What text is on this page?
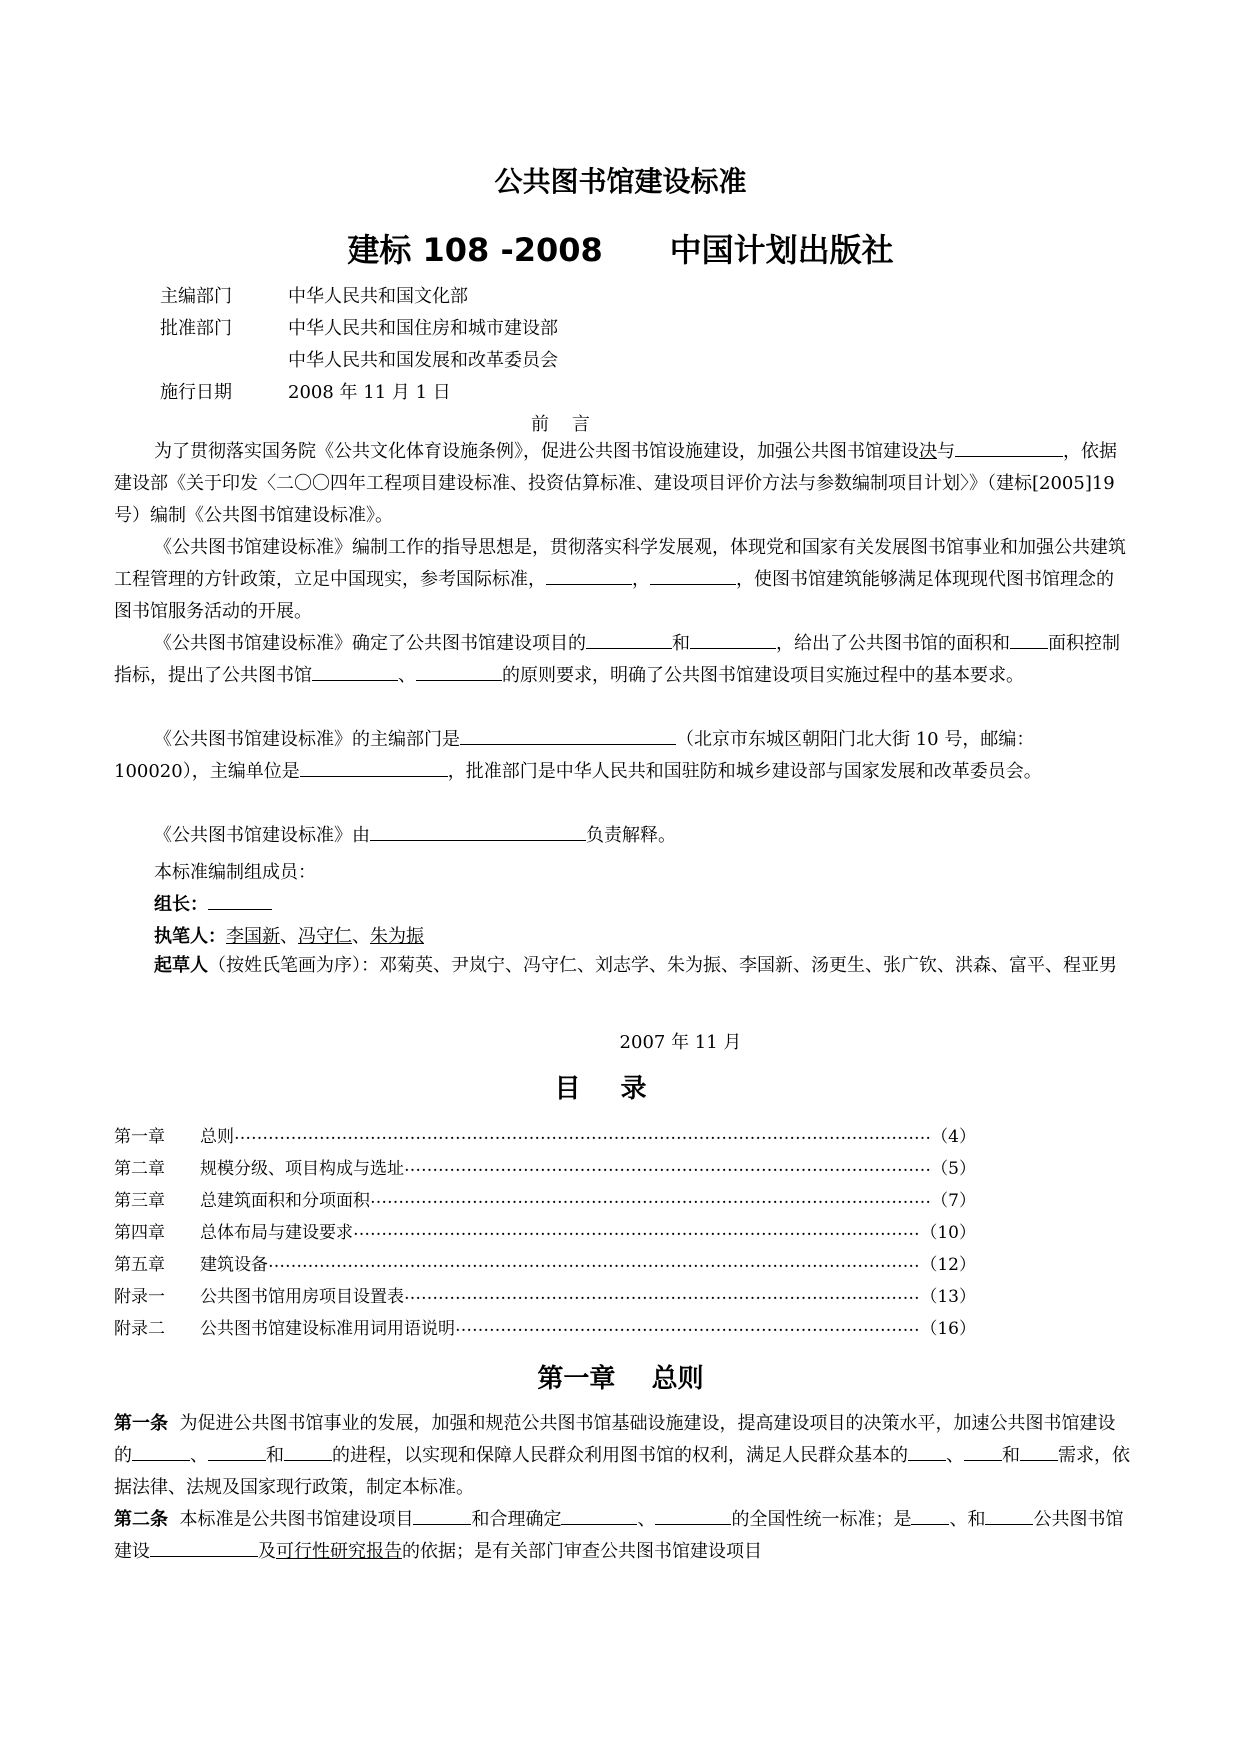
公共图书馆建设标准
建标 108 -2008      中国计划出版社
主编部门	中华人民共和国文化部
批准部门	中华人民共和国住房和城市建设部
中华人民共和国发展和改革委员会
施行日期	2008 年 11 月 1 日
前    言
为了贯彻落实国务院《公共文化体育设施条例》，促进公共图书馆设施建设，加强公共图书馆建设决与	，依据建设部《关于印发〈二〇〇四年工程项目建设标准、投资估算标准、建设项目评价方法与参数编制项目计划〉》（建标[2005]19 号）编制《公共图书馆建设标准》。
《公共图书馆建设标准》编制工作的指导思想是，贯彻落实科学发展观，体现党和国家有关发展图书馆事业和加强公共建筑工程管理的方针政策，立足中国现实，参考国际标准，	，	，使图书馆建筑能够满足体现现代图书馆理念的图书馆服务活动的开展。
《公共图书馆建设标准》确定了公共图书馆建设项目的	和	，给出了公共图书馆的面积和 面积控制指标，提出了公共图书馆	、	的原则要求，明确了公共图书馆建设项目实施过程中的基本要求。
《公共图书馆建设标准》的主编部门是	（北京市东城区朝阳门北大街 10 号，邮编：100020），主编单位是	，批准部门是中华人民共和国驻防和城乡建设部与国家发展和改革委员会。
《公共图书馆建设标准》由	负责解释。
本标准编制组成员：
组长：
执笔人：李国新、冯守仁、朱为振
起草人（按姓氏笔画为序）：邓菊英、尹岚宁、冯守仁、刘志学、朱为振、李国新、汤更生、张广钦、洪森、富平、程亚男
2007 年 11 月
目录
第一章	总则 ……………………………………………………………………………………………………………………………………………………………………	（4）
第二章	规模分级、项目构成与选址 ……………………………………………………………………………………………………………………………………………………………………	（5）
第三章	总建筑面积和分项面积 ……………………………………………………………………………………………………………………………………………………………………	（7）
第四章	总体布局与建设要求 ……………………………………………………………………………………………………………………………………………………………………	（10）
第五章	建筑设备 ……………………………………………………………………………………………………………………………………………………………………	（12）
附录一	公共图书馆用房项目设置表 ……………………………………………………………………………………………………………………………………………………………………	（13）
附录二	公共图书馆建设标准用词用语说明 ……………………………………………………………………………………………………………………………………………………………………	（16）
第一章    总则
第一条 为促进公共图书馆事业的发展，加强和规范公共图书馆基础设施建设，提高建设项目的决策水平，加速公共图书馆建设的	、	和	的进程，以实现和保障人民群众利用图书馆的权利，满足人民群众基本的 、 和 需求，依据法律、法规及国家现行政策，制定本标准。
第二条 本标准是公共图书馆建设项目	和合理确定	、	的全国性统一标准；是 、和	公共图书馆建设	及可行性研究报告的依据；是有关部门审查公共图书馆建设项目
